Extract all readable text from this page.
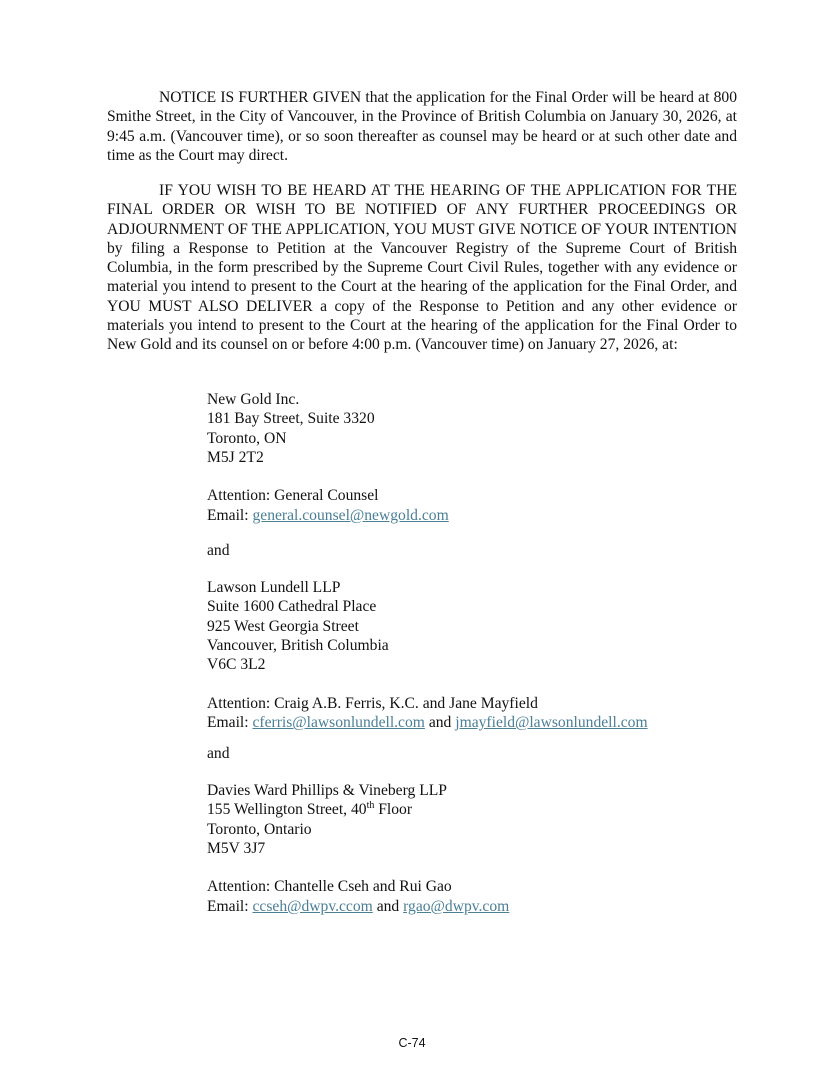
NOTICE IS FURTHER GIVEN that the application for the Final Order will be heard at 800 Smithe Street, in the City of Vancouver, in the Province of British Columbia on January 30, 2026, at 9:45 a.m. (Vancouver time), or so soon thereafter as counsel may be heard or at such other date and time as the Court may direct.

IF YOU WISH TO BE HEARD AT THE HEARING OF THE APPLICATION FOR THE FINAL ORDER OR WISH TO BE NOTIFIED OF ANY FURTHER PROCEEDINGS OR ADJOURNMENT OF THE APPLICATION, YOU MUST GIVE NOTICE OF YOUR INTENTION by filing a Response to Petition at the Vancouver Registry of the Supreme Court of British Columbia, in the form prescribed by the Supreme Court Civil Rules, together with any evidence or material you intend to present to the Court at the hearing of the application for the Final Order, and YOU MUST ALSO DELIVER a copy of the Response to Petition and any other evidence or materials you intend to present to the Court at the hearing of the application for the Final Order to New Gold and its counsel on or before 4:00 p.m. (Vancouver time) on January 27, 2026, at:

New Gold Inc.
181 Bay Street, Suite 3320
Toronto, ON
M5J 2T2
Attention: General Counsel
Email: general.counsel@newgold.com
and
Lawson Lundell LLP
Suite 1600 Cathedral Place
925 West Georgia Street
Vancouver, British Columbia
V6C 3L2
Attention: Craig A.B. Ferris, K.C. and Jane Mayfield
Email: cferris@lawsonlundell.com and jmayfield@lawsonlundell.com
and
Davies Ward Phillips & Vineberg LLP
155 Wellington Street, 40th Floor
Toronto, Ontario
M5V 3J7
Attention: Chantelle Cseh and Rui Gao
Email: ccseh@dwpv.ccom and rgao@dwpv.com
C-74
